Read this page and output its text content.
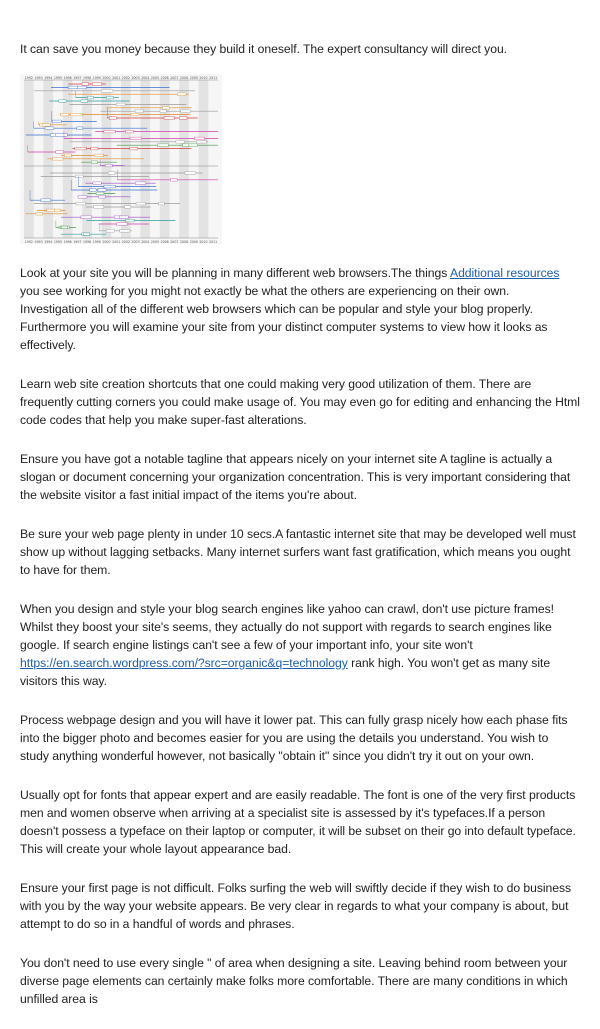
It can save you money because they build it oneself. The expert consultancy will direct you.

1992
1992
1993
1993
1994
1994
1995
1995
1996
1996
1997
1997
1998
1998
1999
1999
2000
2000
2001
2001
2002
2002
2003
2003
2004
2004
2005
2005
2006
2006
2007
2007
2008
2008
2009
2009
2010
2010
2011
2011

Look at your site you will be planning in many different web browsers.The things Additional resources you see working for you might not exactly be what the others are experiencing on their own. Investigation all of the different web browsers which can be popular and style your blog properly. Furthermore you will examine your site from your distinct computer systems to view how it looks as effectively.

Learn web site creation shortcuts that one could making very good utilization of them. There are frequently cutting corners you could make usage of. You may even go for editing and enhancing the Html code codes that help you make super-fast alterations.

Ensure you have got a notable tagline that appears nicely on your internet site A tagline is actually a slogan or document concerning your organization concentration. This is very important considering that the website visitor a fast initial impact of the items you're about.

Be sure your web page plenty in under 10 secs.A fantastic internet site that may be developed well must show up without lagging setbacks. Many internet surfers want fast gratification, which means you ought to have for them.

When you design and style your blog search engines like yahoo can crawl, don't use picture frames! Whilst they boost your site's seems, they actually do not support with regards to search engines like google. If search engine listings can't see a few of your important info, your site won't https://en.search.wordpress.com/?src=organic&q=technology rank high. You won't get as many site visitors this way.

Process webpage design and you will have it lower pat. This can fully grasp nicely how each phase fits into the bigger photo and becomes easier for you are using the details you understand. You wish to study anything wonderful however, not basically "obtain it" since you didn't try it out on your own.

Usually opt for fonts that appear expert and are easily readable. The font is one of the very first products men and women observe when arriving at a specialist site is assessed by it's typefaces.If a person doesn't possess a typeface on their laptop or computer, it will be subset on their go into default typeface. This will create your whole layout appearance bad.

Ensure your first page is not difficult. Folks surfing the web will swiftly decide if they wish to do business with you by the way your website appears. Be very clear in regards to what your company is about, but attempt to do so in a handful of words and phrases.

You don't need to use every single " of area when designing a site. Leaving behind room between your diverse page elements can certainly make folks more comfortable. There are many conditions in which unfilled area is
